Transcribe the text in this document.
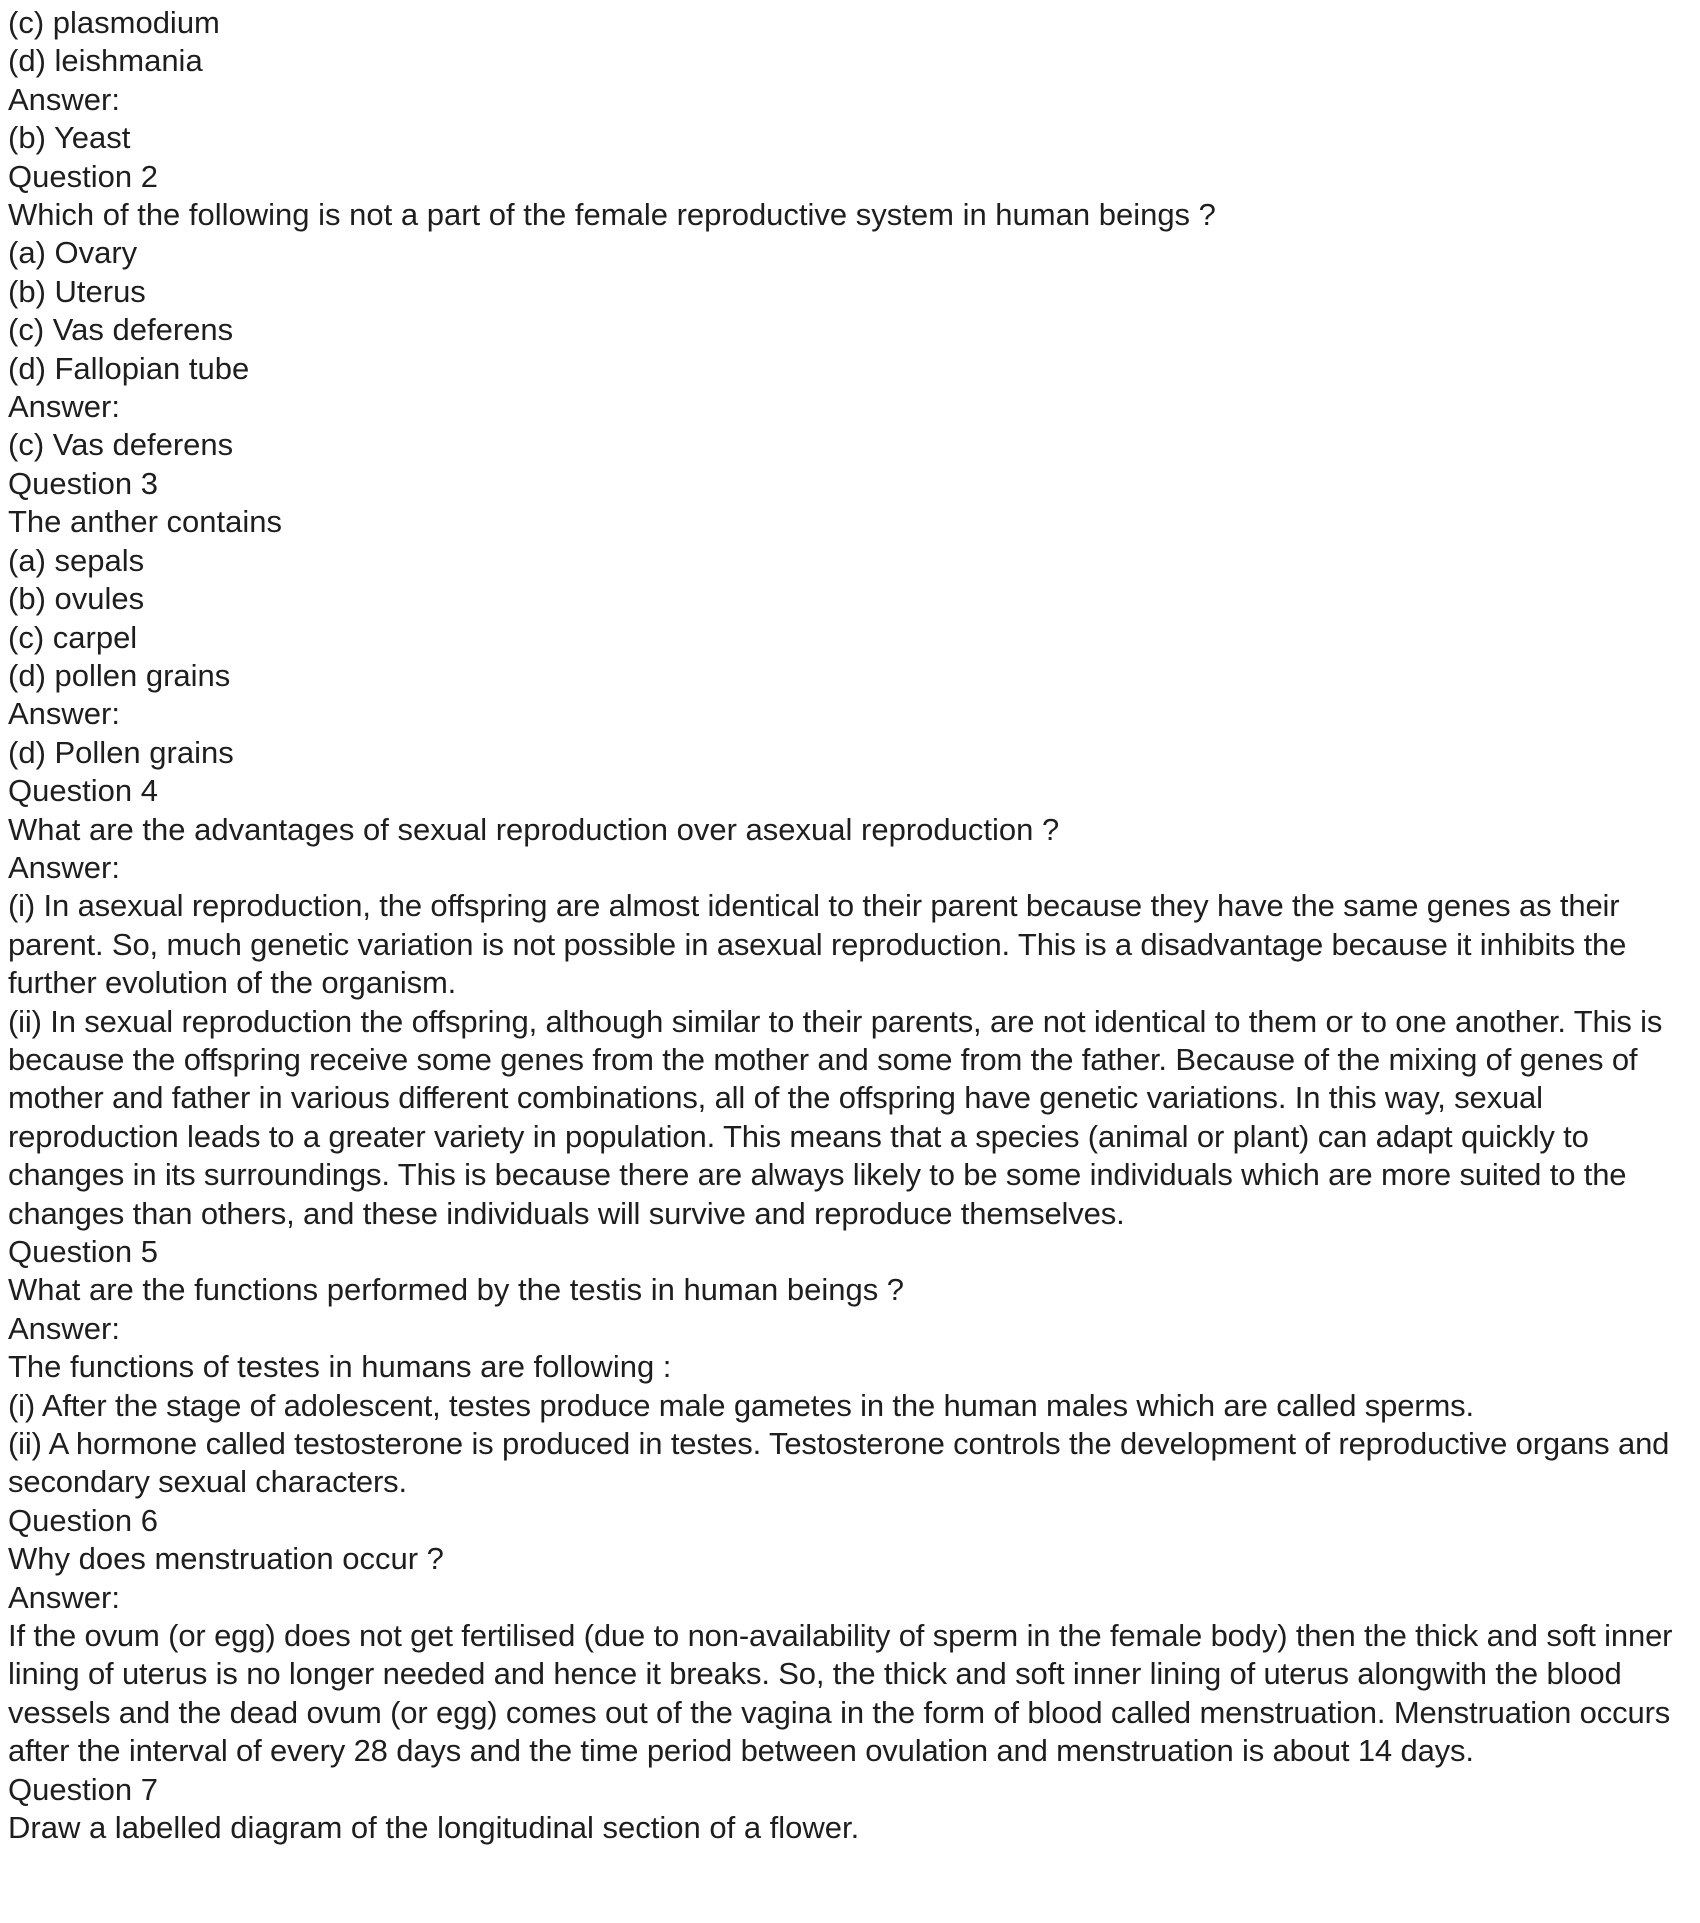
(c) plasmodium
(d) leishmania
Answer:
(b) Yeast
Question 2
Which of the following is not a part of the female reproductive system in human beings ?
(a) Ovary
(b) Uterus
(c) Vas deferens
(d) Fallopian tube
Answer:
(c) Vas deferens
Question 3
The anther contains
(a) sepals
(b) ovules
(c) carpel
(d) pollen grains
Answer:
(d) Pollen grains
Question 4
What are the advantages of sexual reproduction over asexual reproduction ?
Answer:
(i) In asexual reproduction, the offspring are almost identical to their parent because they have the same genes as their parent. So, much genetic variation is not possible in asexual reproduction. This is a disadvantage because it inhibits the further evolution of the organism.
(ii) In sexual reproduction the offspring, although similar to their parents, are not identical to them or to one another. This is because the offspring receive some genes from the mother and some from the father. Because of the mixing of genes of mother and father in various different combinations, all of the offspring have genetic variations. In this way, sexual reproduction leads to a greater variety in population. This means that a species (animal or plant) can adapt quickly to changes in its surroundings. This is because there are always likely to be some individuals which are more suited to the changes than others, and these individuals will survive and reproduce themselves.
Question 5
What are the functions performed by the testis in human beings ?
Answer:
The functions of testes in humans are following :
(i) After the stage of adolescent, testes produce male gametes in the human males which are called sperms.
(ii) A hormone called testosterone is produced in testes. Testosterone controls the development of reproductive organs and secondary sexual characters.
Question 6
Why does menstruation occur ?
Answer:
If the ovum (or egg) does not get fertilised (due to non-availability of sperm in the female body) then the thick and soft inner lining of uterus is no longer needed and hence it breaks. So, the thick and soft inner lining of uterus alongwith the blood vessels and the dead ovum (or egg) comes out of the vagina in the form of blood called menstruation. Menstruation occurs after the interval of every 28 days and the time period between ovulation and menstruation is about 14 days.
Question 7
Draw a labelled diagram of the longitudinal section of a flower.
